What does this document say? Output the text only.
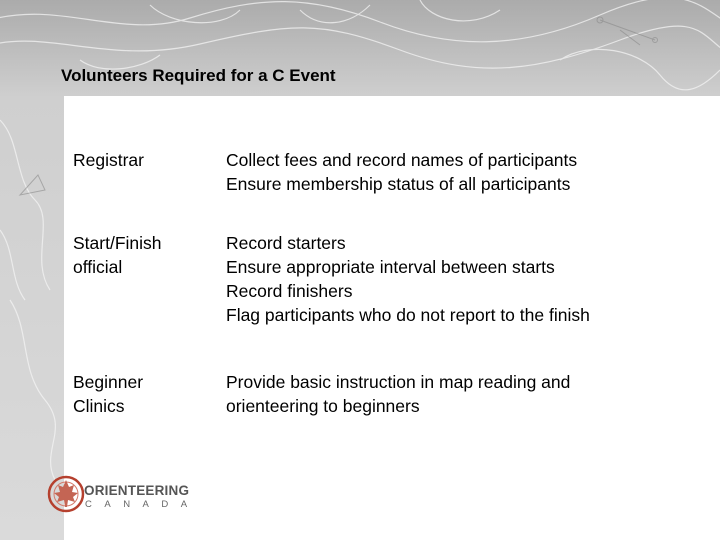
Volunteers Required for a C Event
Registrar	Collect fees and record names of participants
Ensure membership status of all participants
Start/Finish
official
Record starters
Ensure appropriate interval between starts
Record finishers
Flag participants who do not report to the finish
Beginner
Clinics
Provide basic instruction in map reading and
orienteering to beginners
ORIENTEERING
CANADA
